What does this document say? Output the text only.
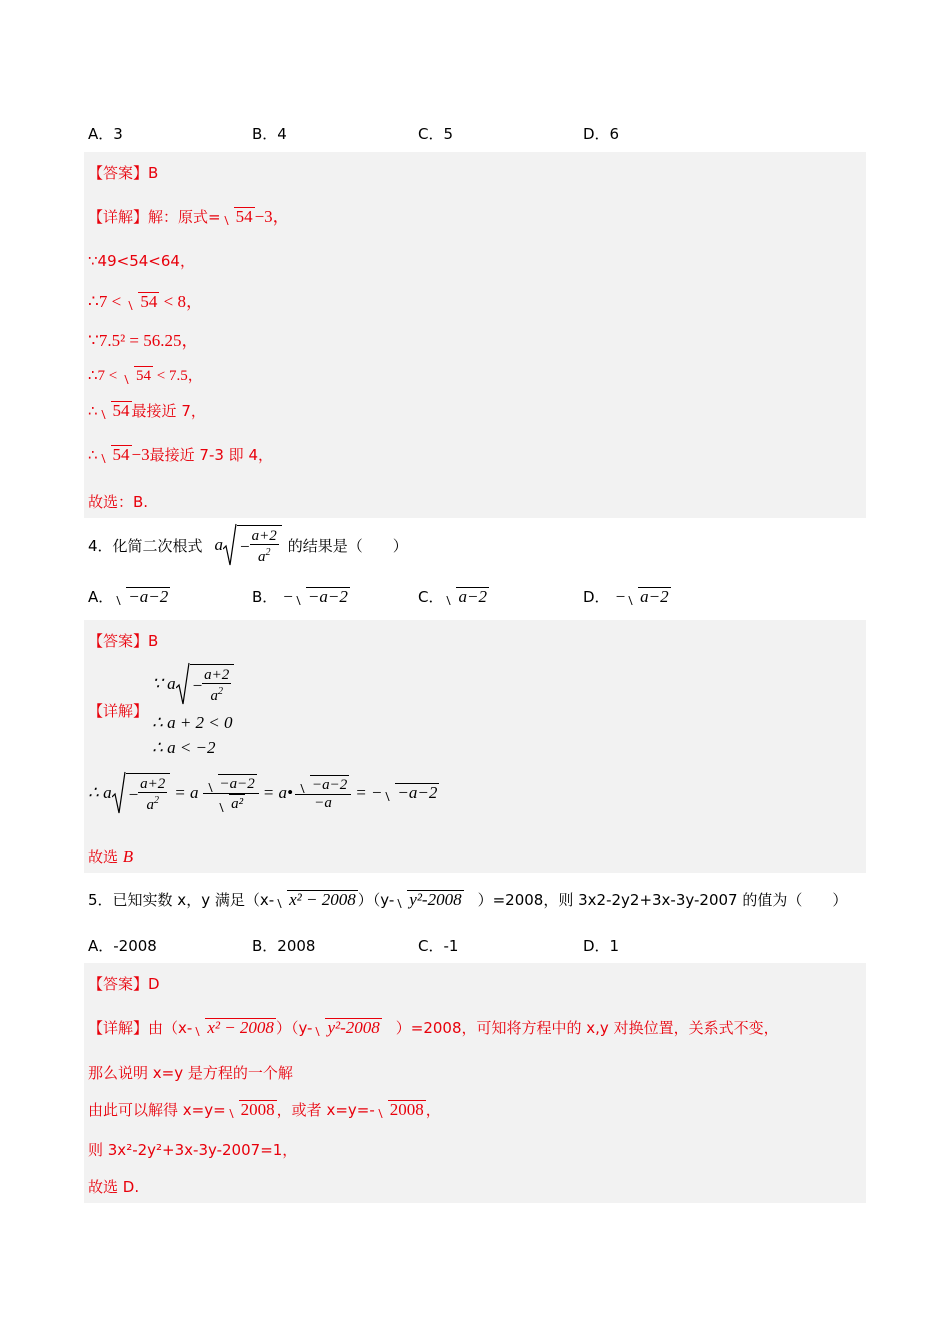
A．3	B．4	C．5	D．6
【答案】B
【详解】解：原式= 54 −3，
∵49<54<64，
∴7 < 54 < 8，
∵7.5² = 56.25，
∴7 < 54 < 7.5，
∴ 54 最接近 7，
∴ 54 −3最接近 7-3 即 4，
故选：B.
4．化简二次根式 $a - \frac{a+2}{a^2}$ 的结果是（　　）
A． −a−2	B． − −a−2	C． a−2	D． − a−2
【答案】B
【详解】
∵ $a - \frac{a+2}{a^2}$
∴ a + 2 < 0
∴ a < −2
∴ $a - \frac{a+2}{a^2} = a \frac{-a-2}{\text{a²}}$ = a• $\frac{-a-2}{-a}$ = − −a−2
故选 B
5．已知实数 x，y 满足（x- x² − 2008 ）（y- y²-2008 ）=2008，则 3x2-2y2+3x-3y-2007 的值为（　　）
A．-2008	B．2008	C．-1	D．1
【答案】D
【详解】由（x- x² − 2008 ）（y- y²-2008 ）=2008，可知将方程中的 x,y 对换位置，关系式不变，
那么说明 x=y 是方程的一个解
由此可以解得 x=y= 2008 ，或者 x=y=- 2008 ，
则 3x²-2y²+3x-3y-2007=1，
故选 D.
